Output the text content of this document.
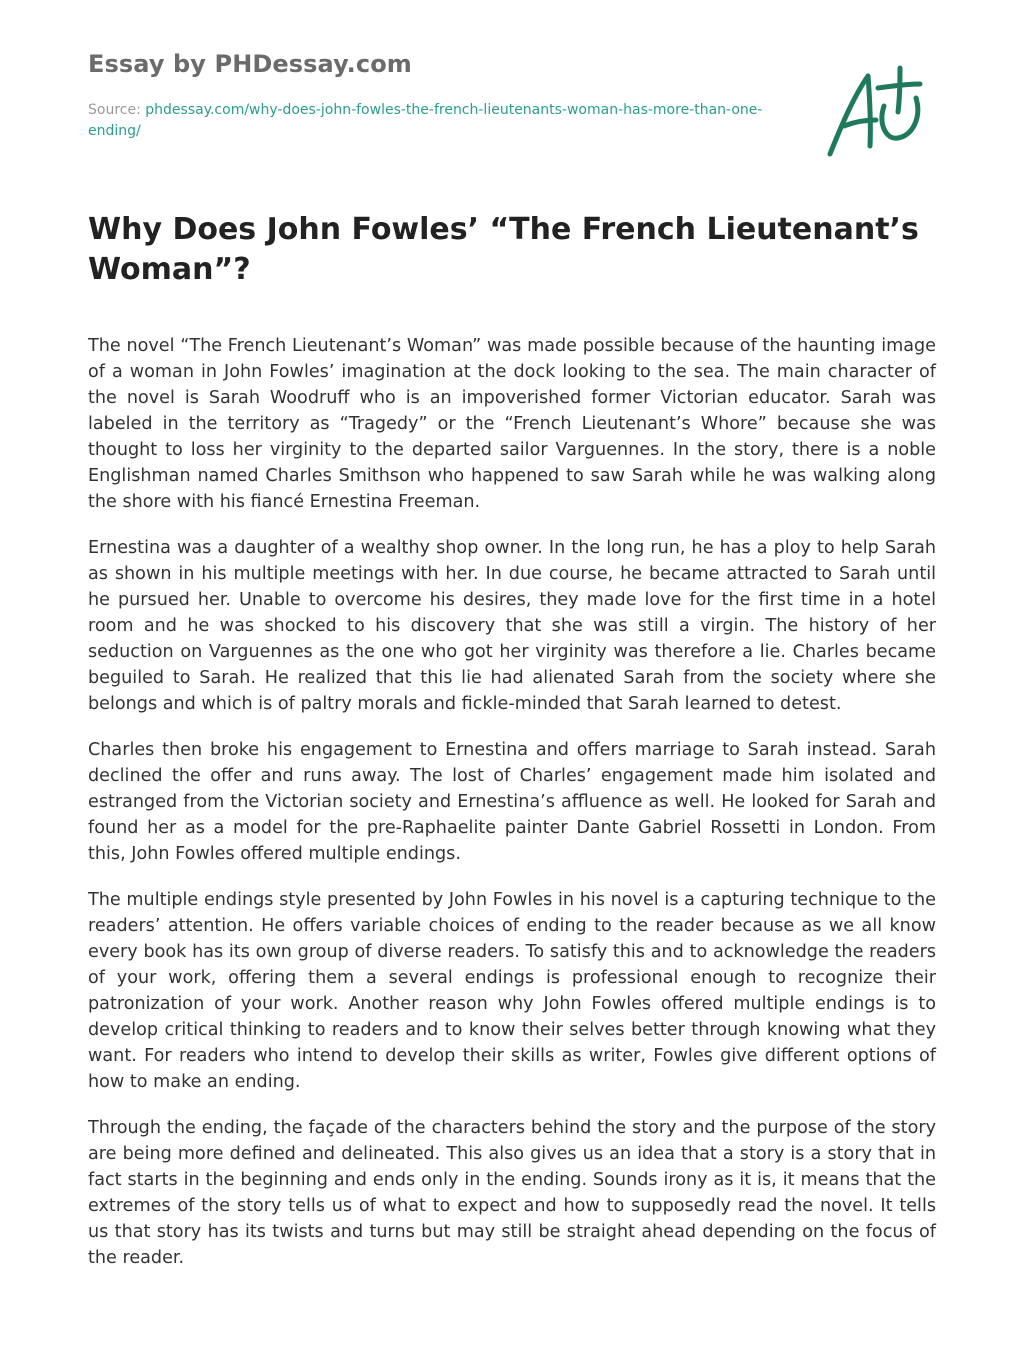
Essay by PHDessay.com
Source: phdessay.com/why-does-john-fowles-the-french-lieutenants-woman-has-more-than-one-ending/
Why Does John Fowles’ “The French Lieutenant’s Woman”?

The novel “The French Lieutenant’s Woman” was made possible because of the haunting image of a woman in John Fowles’ imagination at the dock looking to the sea. The main character of the novel is Sarah Woodruff who is an impoverished former Victorian educator. Sarah was labeled in the territory as “Tragedy” or the “French Lieutenant’s Whore” because she was thought to loss her virginity to the departed sailor Varguennes. In the story, there is a noble Englishman named Charles Smithson who happened to saw Sarah while he was walking along the shore with his fiancé Ernestina Freeman.

Ernestina was a daughter of a wealthy shop owner. In the long run, he has a ploy to help Sarah as shown in his multiple meetings with her. In due course, he became attracted to Sarah until he pursued her. Unable to overcome his desires, they made love for the first time in a hotel room and he was shocked to his discovery that she was still a virgin. The history of her seduction on Varguennes as the one who got her virginity was therefore a lie. Charles became beguiled to Sarah. He realized that this lie had alienated Sarah from the society where she belongs and which is of paltry morals and fickle-minded that Sarah learned to detest.

Charles then broke his engagement to Ernestina and offers marriage to Sarah instead. Sarah declined the offer and runs away. The lost of Charles’ engagement made him isolated and estranged from the Victorian society and Ernestina’s affluence as well. He looked for Sarah and found her as a model for the pre-Raphaelite painter Dante Gabriel Rossetti in London. From this, John Fowles offered multiple endings.

The multiple endings style presented by John Fowles in his novel is a capturing technique to the readers’ attention. He offers variable choices of ending to the reader because as we all know every book has its own group of diverse readers. To satisfy this and to acknowledge the readers of your work, offering them a several endings is professional enough to recognize their patronization of your work. Another reason why John Fowles offered multiple endings is to develop critical thinking to readers and to know their selves better through knowing what they want. For readers who intend to develop their skills as writer, Fowles give different options of how to make an ending.

Through the ending, the façade of the characters behind the story and the purpose of the story are being more defined and delineated. This also gives us an idea that a story is a story that in fact starts in the beginning and ends only in the ending. Sounds irony as it is, it means that the extremes of the story tells us of what to expect and how to supposedly read the novel. It tells us that story has its twists and turns but may still be straight ahead depending on the focus of the reader.
